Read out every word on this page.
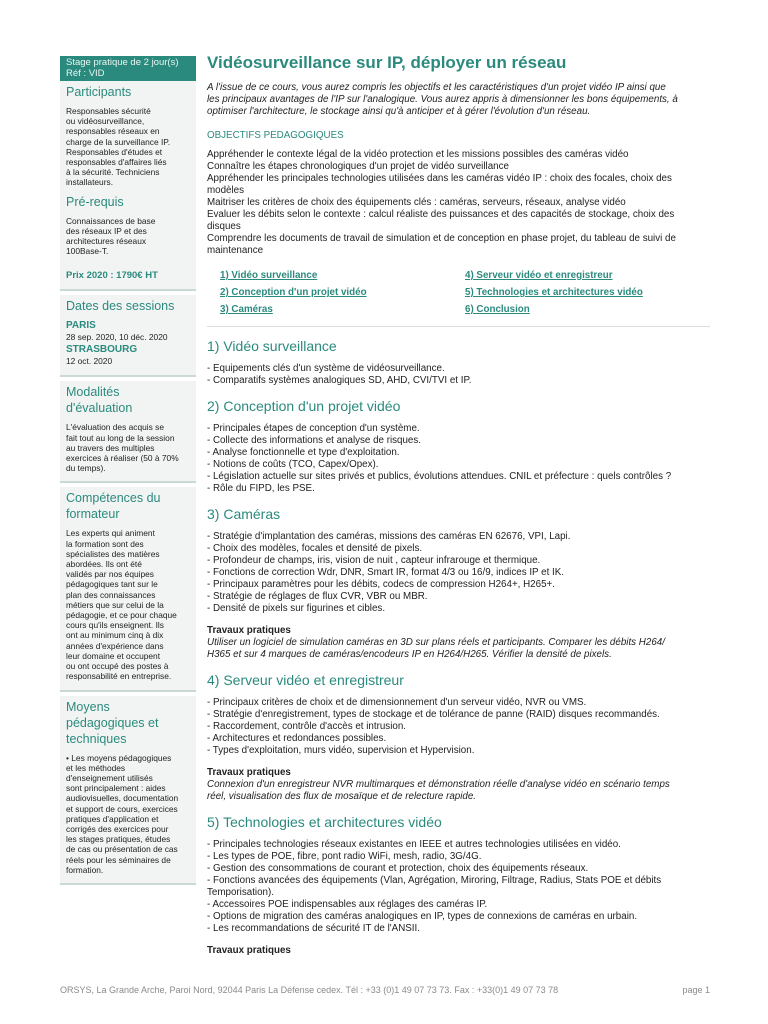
Stage pratique de 2 jour(s)
Réf : VID
Participants
Responsables sécurité
ou vidéosurveillance,
responsables réseaux en
charge de la surveillance IP.
Responsables d'études et
responsables d'affaires liés
à la sécurité. Techniciens
installateurs.
Pré-requis
Connaissances de base
des réseaux IP et des
architectures réseaux
100Base-T.
Prix 2020 : 1790€ HT
Dates des sessions
PARIS
28 sep. 2020, 10 déc. 2020
STRASBOURG
12 oct. 2020
Modalités
d'évaluation
L'évaluation des acquis se
fait tout au long de la session
au travers des multiples
exercices à réaliser (50 à 70%
du temps).
Compétences du
formateur
Les experts qui animent
la formation sont des
spécialistes des matières
abordées. Ils ont été
validés par nos équipes
pédagogiques tant sur le
plan des connaissances
métiers que sur celui de la
pédagogie, et ce pour chaque
cours qu'ils enseignent. Ils
ont au minimum cinq à dix
années d'expérience dans
leur domaine et occupent
ou ont occupé des postes à
responsabilité en entreprise.
Moyens
pédagogiques et
techniques
• Les moyens pédagogiques
et les méthodes
d'enseignement utilisés
sont principalement : aides
audiovisuelles, documentation
et support de cours, exercices
pratiques d'application et
corrigés des exercices pour
les stages pratiques, études
de cas ou présentation de cas
réels pour les séminaires de
formation.
Vidéosurveillance sur IP, déployer un réseau
A l'issue de ce cours, vous aurez compris les objectifs et les caractéristiques d'un projet vidéo IP ainsi que
les principaux avantages de l'IP sur l'analogique. Vous aurez appris à dimensionner les bons équipements, à
optimiser l'architecture, le stockage ainsi qu'à anticiper et à gérer l'évolution d'un réseau.
OBJECTIFS PEDAGOGIQUES
Appréhender le contexte légal de la vidéo protection et les missions possibles des caméras vidéo
Connaître les étapes chronologiques d'un projet de vidéo surveillance
Appréhender les principales technologies utilisées dans les caméras vidéo IP : choix des focales, choix des
modèles
Maitriser les critères de choix des équipements clés : caméras, serveurs, réseaux, analyse vidéo
Evaluer les débits selon le contexte : calcul réaliste des puissances et des capacités de stockage, choix des
disques
Comprendre les documents de travail de simulation et de conception en phase projet, du tableau de suivi de
maintenance
1) Vidéo surveillance
2) Conception d'un projet vidéo
3) Caméras
4) Serveur vidéo et enregistreur
5) Technologies et architectures vidéo
6) Conclusion
1) Vidéo surveillance
- Equipements clés d'un système de vidéosurveillance.
- Comparatifs systèmes analogiques SD, AHD, CVI/TVI et IP.
2) Conception d'un projet vidéo
- Principales étapes de conception d'un système.
- Collecte des informations et analyse de risques.
- Analyse fonctionnelle et type d'exploitation.
- Notions de coûts (TCO, Capex/Opex).
- Législation actuelle sur sites privés et publics, évolutions attendues. CNIL et préfecture : quels contrôles ?
- Rôle du FIPD, les PSE.
3) Caméras
- Stratégie d'implantation des caméras, missions des caméras EN 62676, VPI, Lapi.
- Choix des modèles, focales et densité de pixels.
- Profondeur de champs, iris, vision de nuit , capteur infrarouge et thermique.
- Fonctions de correction Wdr, DNR, Smart IR, format 4/3 ou 16/9, indices IP et IK.
- Principaux paramètres pour les débits, codecs de compression H264+, H265+.
- Stratégie de réglages de flux CVR, VBR ou MBR.
- Densité de pixels sur figurines et cibles.
Travaux pratiques
Utiliser un logiciel de simulation caméras en 3D sur plans réels et participants. Comparer les débits H264/
H365 et sur 4 marques de caméras/encodeurs IP en H264/H265. Vérifier la densité de pixels.
4) Serveur vidéo et enregistreur
- Principaux critères de choix et de dimensionnement d'un serveur vidéo, NVR ou VMS.
- Stratégie d'enregistrement, types de stockage et de tolérance de panne (RAID) disques recommandés.
- Raccordement, contrôle d'accès et intrusion.
- Architectures et redondances possibles.
- Types d'exploitation, murs vidéo, supervision et Hypervision.
Travaux pratiques
Connexion d'un enregistreur NVR multimarques et démonstration réelle d'analyse vidéo en scénario temps
réel, visualisation des flux de mosaïque et de relecture rapide.
5) Technologies et architectures vidéo
- Principales technologies réseaux existantes en IEEE et autres technologies utilisées en vidéo.
- Les types de POE, fibre, pont radio WiFi, mesh, radio, 3G/4G.
- Gestion des consommations de courant et protection, choix des équipements réseaux.
- Fonctions avancées des équipements (Vlan, Agrégation, Miroring, Filtrage, Radius, Stats POE et débits
Temporisation).
- Accessoires POE indispensables aux réglages des caméras IP.
- Options de migration des caméras analogiques en IP, types de connexions de caméras en urbain.
- Les recommandations de sécurité IT de l'ANSII.
Travaux pratiques
ORSYS, La Grande Arche, Paroi Nord, 92044 Paris La Défense cedex. Tél : +33 (0)1 49 07 73 73. Fax : +33(0)1 49 07 73 78	page 1
